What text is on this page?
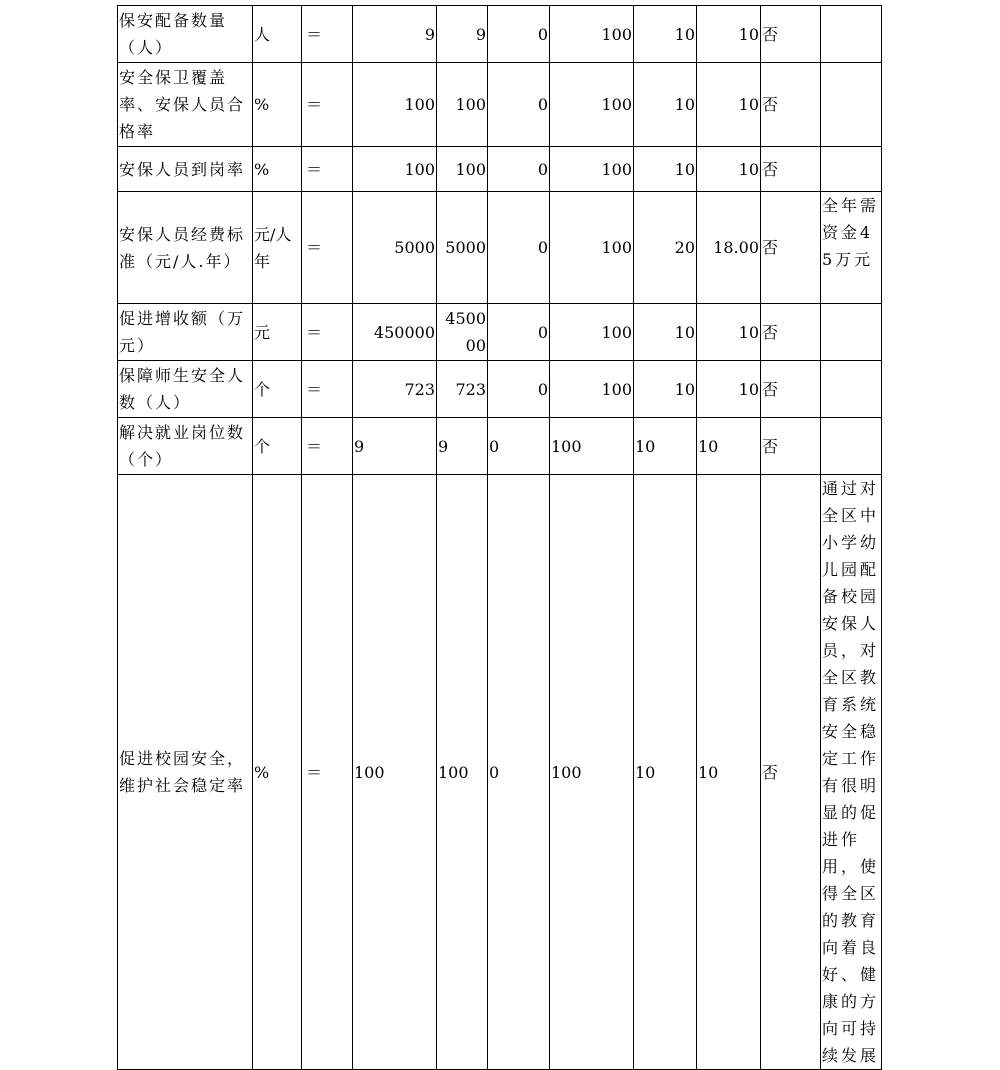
保安配备数量（人）	人	＝	9	9	0	100	10	10	否	
安全保卫覆盖率、安保人员合格率	%	＝	100	100	0	100	10	10	否	
安保人员到岗率	%	＝	100	100	0	100	10	10	否	
安保人员经费标准（元/人.年）	元/人年	＝	5000	5000	0	100	20	18.00	否	全年需资金45万元
促进增收额（万元）	元	＝	450000	450000	0	100	10	10	否	
保障师生安全人数（人）	个	＝	723	723	0	100	10	10	否	
解决就业岗位数（个）	个	＝	9	9	0	100	10	10	否	
促进校园安全，维护社会稳定率	%	＝	100	100	0	100	10	10	否	通过对全区中小学幼儿园配备校园安保人员，对全区教育系统安全稳定工作有很明显的促进作用，使得全区的教育向着良好、健康的方向可持续发展
